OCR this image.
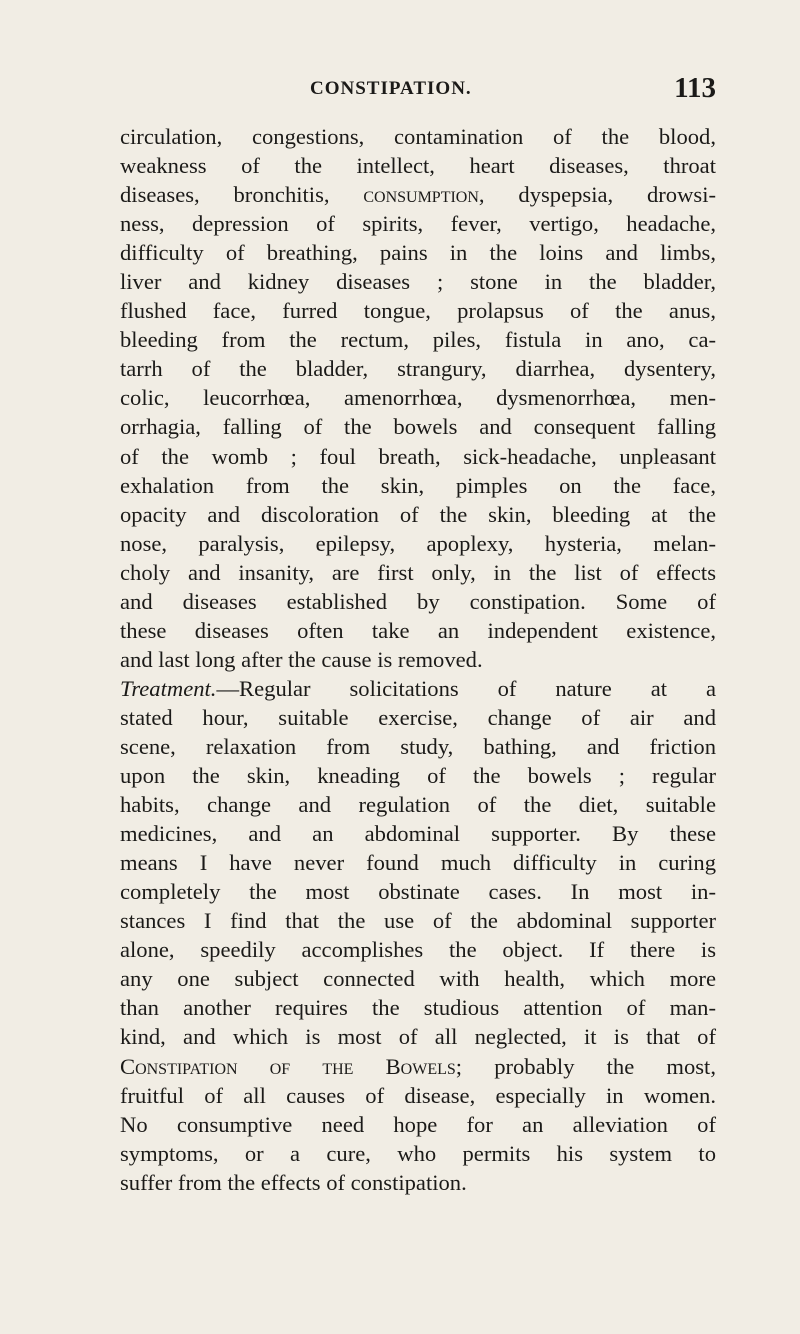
CONSTIPATION.	113
circulation, congestions, contamination of the blood,
weakness of the intellect, heart diseases, throat
diseases, bronchitis, consumption, dyspepsia, drowsi-
ness, depression of spirits, fever, vertigo, headache,
difficulty of breathing, pains in the loins and limbs,
liver and kidney diseases ; stone in the bladder,
flushed face, furred tongue, prolapsus of the anus,
bleeding from the rectum, piles, fistula in ano, ca-
tarrh of the bladder, strangury, diarrhea, dysentery,
colic, leucorrhœa, amenorrhœa, dysmenorrhœa, men-
orrhagia, falling of the bowels and consequent falling
of the womb ; foul breath, sick-headache, unpleasant
exhalation from the skin, pimples on the face,
opacity and discoloration of the skin, bleeding at the
nose, paralysis, epilepsy, apoplexy, hysteria, melan-
choly and insanity, are first only, in the list of effects
and diseases established by constipation. Some of
these diseases often take an independent existence,
and last long after the cause is removed.
Treatment.—Regular solicitations of nature at a
stated hour, suitable exercise, change of air and
scene, relaxation from study, bathing, and friction
upon the skin, kneading of the bowels ; regular
habits, change and regulation of the diet, suitable
medicines, and an abdominal supporter. By these
means I have never found much difficulty in curing
completely the most obstinate cases. In most in-
stances I find that the use of the abdominal supporter
alone, speedily accomplishes the object. If there is
any one subject connected with health, which more
than another requires the studious attention of man-
kind, and which is most of all neglected, it is that of
Constipation of the Bowels; probably the most,
fruitful of all causes of disease, especially in women.
No consumptive need hope for an alleviation of
symptoms, or a cure, who permits his system to
suffer from the effects of constipation.
